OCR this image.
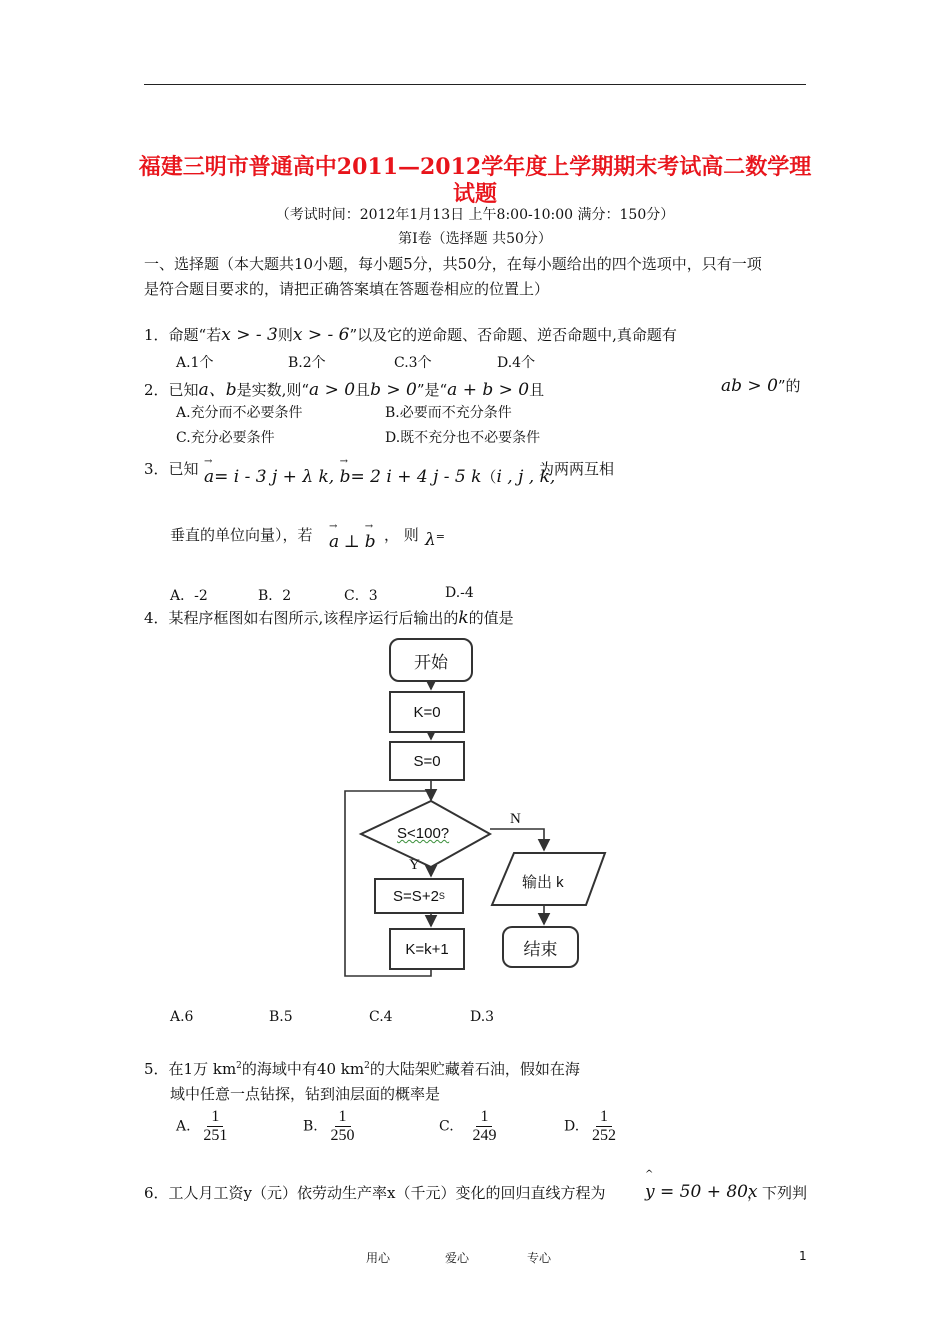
福建三明市普通高中2011—2012学年度上学期期末考试高二数学理
试题
（考试时间：2012年1月13日 上午8:00-10:00 满分：150分）
第Ⅰ卷（选择题 共50分）
一、选择题（本大题共10小题，每小题5分，共50分，在每小题给出的四个选项中，只有一项
是符合题目要求的，请把正确答案填在答题卷相应的位置上）
1．命题“若x > - 3则x > - 6”以及它的逆命题、否命题、逆否命题中,真命题有
A.1个	B.2个	C.3个	D.4个
2．已知a、b是实数,则“a > 0且b > 0”是“a + b > 0且	ab > 0”的
A.充分而不必要条件	B.必要而不充分条件
C.充分必要条件	D.既不充分也不必要条件
3．已知 → a= i - 3 j + λ k, → b= 2 i + 4 j - 5 k（i , j , k,
为两两互相
垂直的单位向量），若 → a ⊥ → b ， 则 λ=
A．-2	B．2	C．3	D.-4
4．某程序框图如右图所示,该程序运行后输出的k的值是
开始
K=0
S=0
S<100?
Y
N
S=S+2 S
K=k+1
输出 k
结束
A.6	B.5	C.4	D.3
5．在1万 $km^2$的海域中有40 $km^2$的大陆架贮藏着石油，假如在海
域中任意一点钻探，钻到油层面的概率是
A. $\frac{1}{251}$	B. $\frac{1}{250}$	C. $\frac{1}{249}$	D. $\frac{1}{252}$
6．工人月工资y（元）依劳动生产率x（千元）变化的回归直线方程为
^
y = 50 + 80x
，下列判
用心	爱心	专心	1
